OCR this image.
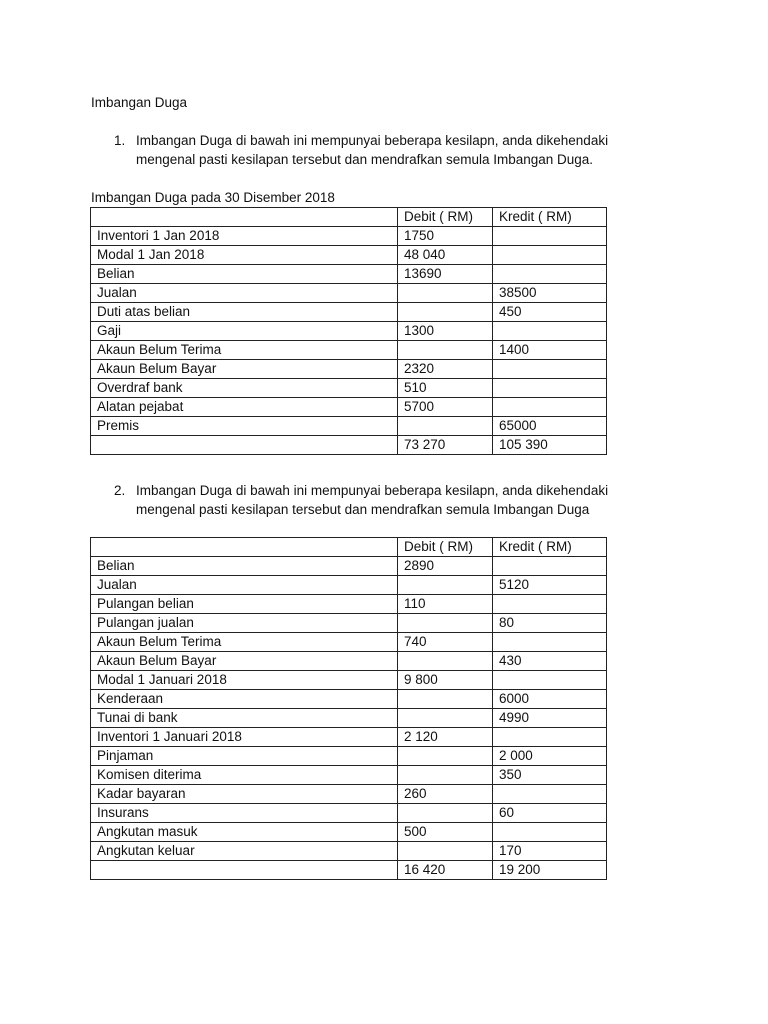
Imbangan Duga
1. Imbangan Duga di bawah ini mempunyai beberapa kesilapn, anda dikehendaki
mengenal pasti kesilapan tersebut dan mendrafkan semula Imbangan Duga.
Imbangan Duga pada 30 Disember 2018
	Debit ( RM)	Kredit ( RM)
Inventori 1 Jan 2018	1750	
Modal 1 Jan 2018	48 040	
Belian	13690	
Jualan		38500
Duti atas belian		450
Gaji	1300	
Akaun Belum Terima		1400
Akaun Belum Bayar	2320	
Overdraf bank	510	
Alatan pejabat	5700	
Premis		65000
	73 270	105 390
2. Imbangan Duga di bawah ini mempunyai beberapa kesilapn, anda dikehendaki
mengenal pasti kesilapan tersebut dan mendrafkan semula Imbangan Duga
	Debit ( RM)	Kredit ( RM)
Belian	2890	
Jualan		5120
Pulangan belian	110	
Pulangan jualan		80
Akaun Belum Terima	740	
Akaun Belum Bayar		430
Modal 1 Januari 2018	9 800	
Kenderaan		6000
Tunai di bank		4990
Inventori 1 Januari 2018	2 120	
Pinjaman		2 000
Komisen diterima		350
Kadar bayaran	260	
Insurans		60
Angkutan masuk	500	
Angkutan keluar		170
	16 420	19 200
